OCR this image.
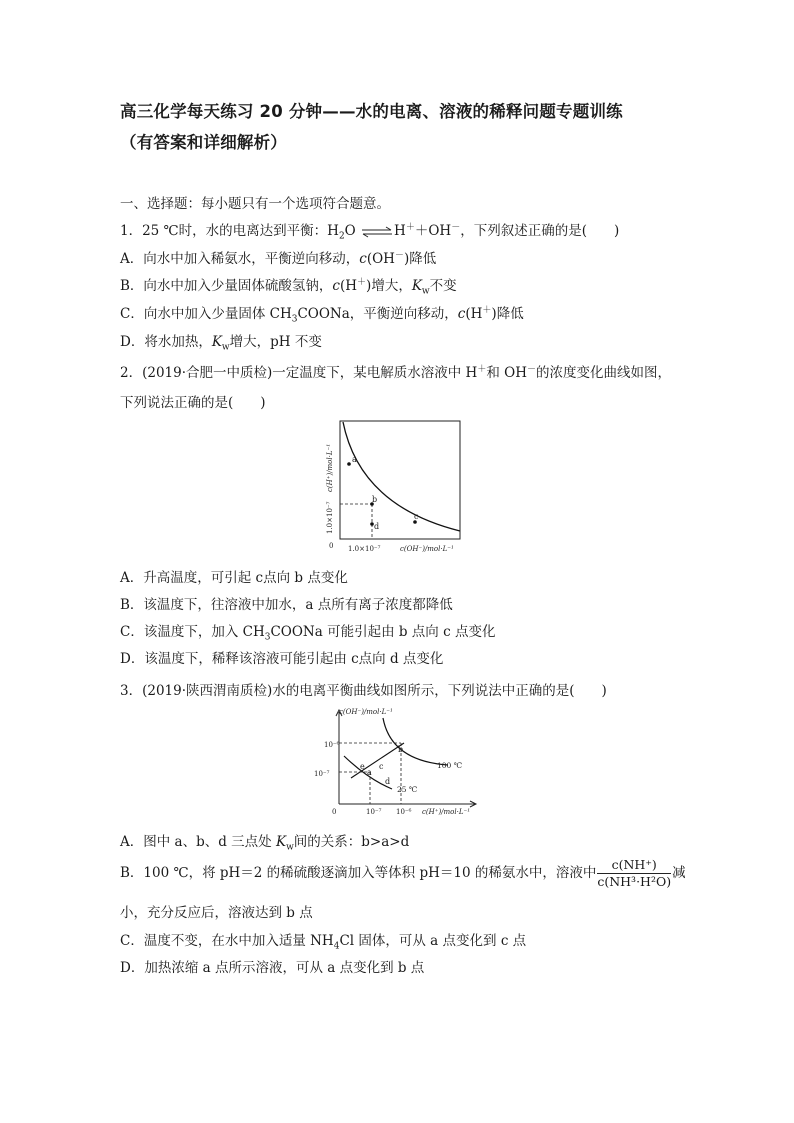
高三化学每天练习 20 分钟——水的电离、溶液的稀释问题专题训练
（有答案和详细解析）
一、选择题：每小题只有一个选项符合题意。
1．25 ℃时，水的电离达到平衡：$H_2O$ ⇌H＋＋OH－，下列叙述正确的是(　　)
A．向水中加入稀氨水，平衡逆向移动，c(OH－)降低
B．向水中加入少量固体硫酸氢钠，c(H＋)增大，$K_w$不变
C．向水中加入少量固体 $CH_3COONa$，平衡逆向移动，c(H＋)降低
D．将水加热，$K_w$增大，pH 不变
2．(2019·合肥一中质检)一定温度下，某电解质水溶液中 H＋和 OH－的浓度变化曲线如图，
下列说法正确的是(　　)
a
b
c
d
0 1.0×10⁻⁷	c(OH⁻)/mol·L⁻¹
c(H⁺)/mol·L⁻¹
1.0×10⁻⁷
A．升高温度，可引起 c点向 b 点变化
B．该温度下，往溶液中加水，a 点所有离子浓度都降低
C．该温度下，加入 $CH_3COONa$ 可能引起由 b 点向 c 点变化
D．该温度下，稀释该溶液可能引起由 c点向 d 点变化
3．(2019·陕西渭南质检)水的电离平衡曲线如图所示，下列说法中正确的是(　　)
10⁻⁶
10⁻⁷
10⁻⁷ 10⁻⁶
0
c(OH⁻)/mol·L⁻¹
c(H⁺)/mol·L⁻¹
100 ℃
25 ℃
e
a
c
d
b
A．图中 a、b、d 三点处 $K_w$间的关系：b>a>d
B．100 ℃，将 pH＝2 的稀硫酸逐滴加入等体积 pH＝10 的稀氨水中，溶液中 $\frac{c(NH^+)}{\text{c(NH³·H²O)}}$ 减
小，充分反应后，溶液达到 b 点
C．温度不变，在水中加入适量 $NH_4Cl$ 固体，可从 a 点变化到 c 点
D．加热浓缩 a 点所示溶液，可从 a 点变化到 b 点
